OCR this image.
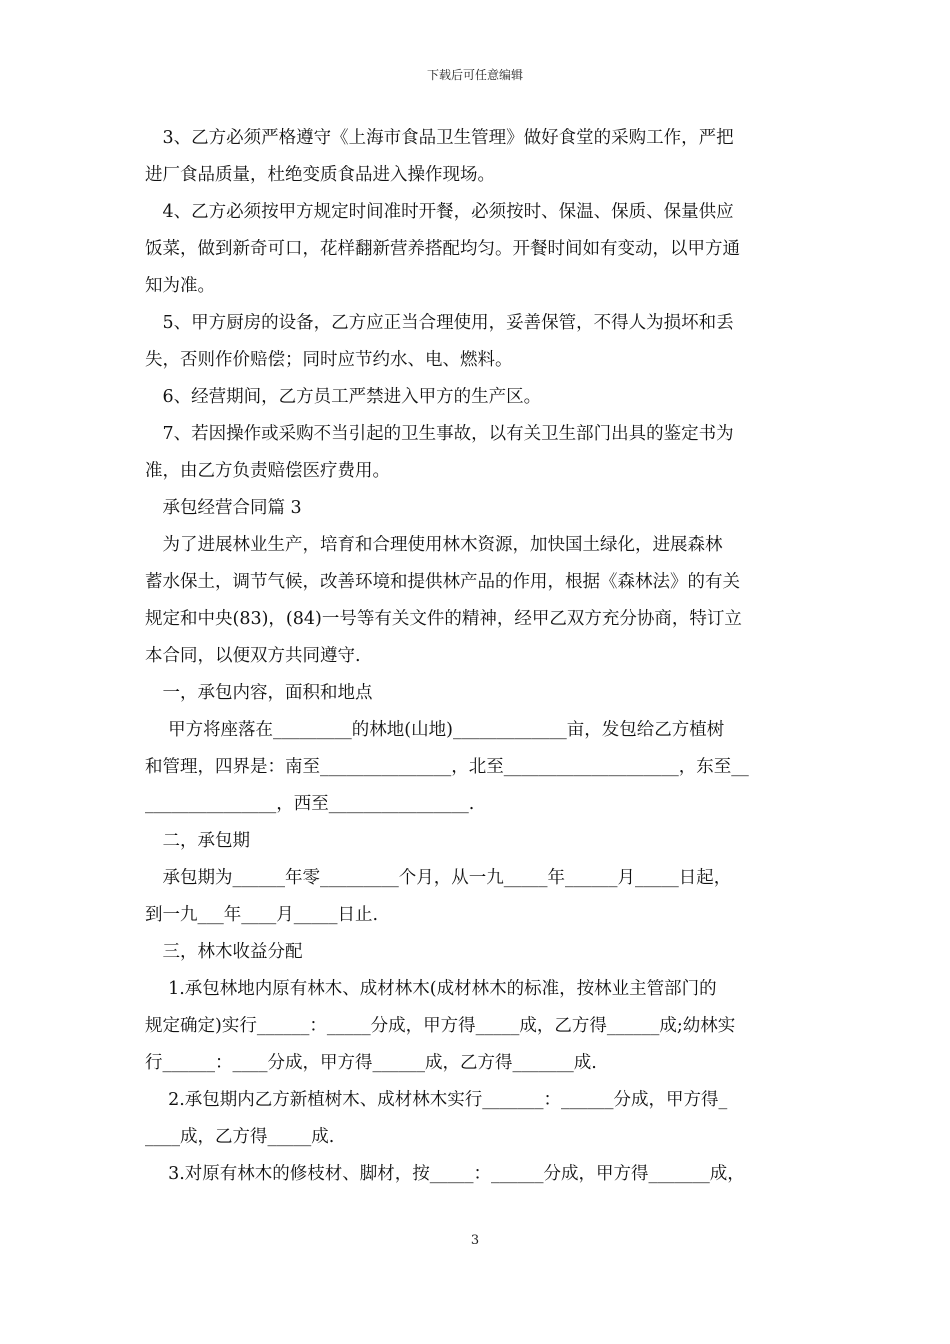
下载后可任意编辑

　3、乙方必须严格遵守《上海市食品卫生管理》做好食堂的采购工作，严把

进厂食品质量，杜绝变质食品进入操作现场。

　4、乙方必须按甲方规定时间准时开餐，必须按时、保温、保质、保量供应

饭菜，做到新奇可口，花样翻新营养搭配均匀。开餐时间如有变动，以甲方通

知为准。

　5、甲方厨房的设备，乙方应正当合理使用，妥善保管，不得人为损坏和丢

失，否则作价赔偿；同时应节约水、电、燃料。

　6、经营期间，乙方员工严禁进入甲方的生产区。

　7、若因操作或采购不当引起的卫生事故，以有关卫生部门出具的鉴定书为

准，由乙方负责赔偿医疗费用。

　承包经营合同篇 3

　为了进展林业生产，培育和合理使用林木资源，加快国土绿化，进展森林

蓄水保土，调节气候，改善环境和提供林产品的作用，根据《森林法》的有关

规定和中央(83)，(84)一号等有关文件的精神，经甲乙双方充分协商，特订立

本合同，以便双方共同遵守.

　一，承包内容，面积和地点

　 甲方将座落在_________的林地(山地)_____________亩，发包给乙方植树

和管理，四界是：南至_______________，北至____________________，东至__

_______________，西至________________.

　二，承包期

　承包期为______年零_________个月，从一九_____年______月_____日起，

到一九___年____月_____日止.

　三，林木收益分配

　 1.承包林地内原有林木、成材林木(成材林木的标准，按林业主管部门的

规定确定)实行______：_____分成，甲方得_____成，乙方得______成;幼林实

行______：____分成，甲方得______成，乙方得_______成.

　 2.承包期内乙方新植树木、成材林木实行_______：______分成，甲方得_

____成，乙方得_____成.

　 3.对原有林木的修枝材、脚材，按_____：______分成，甲方得_______成，

3
